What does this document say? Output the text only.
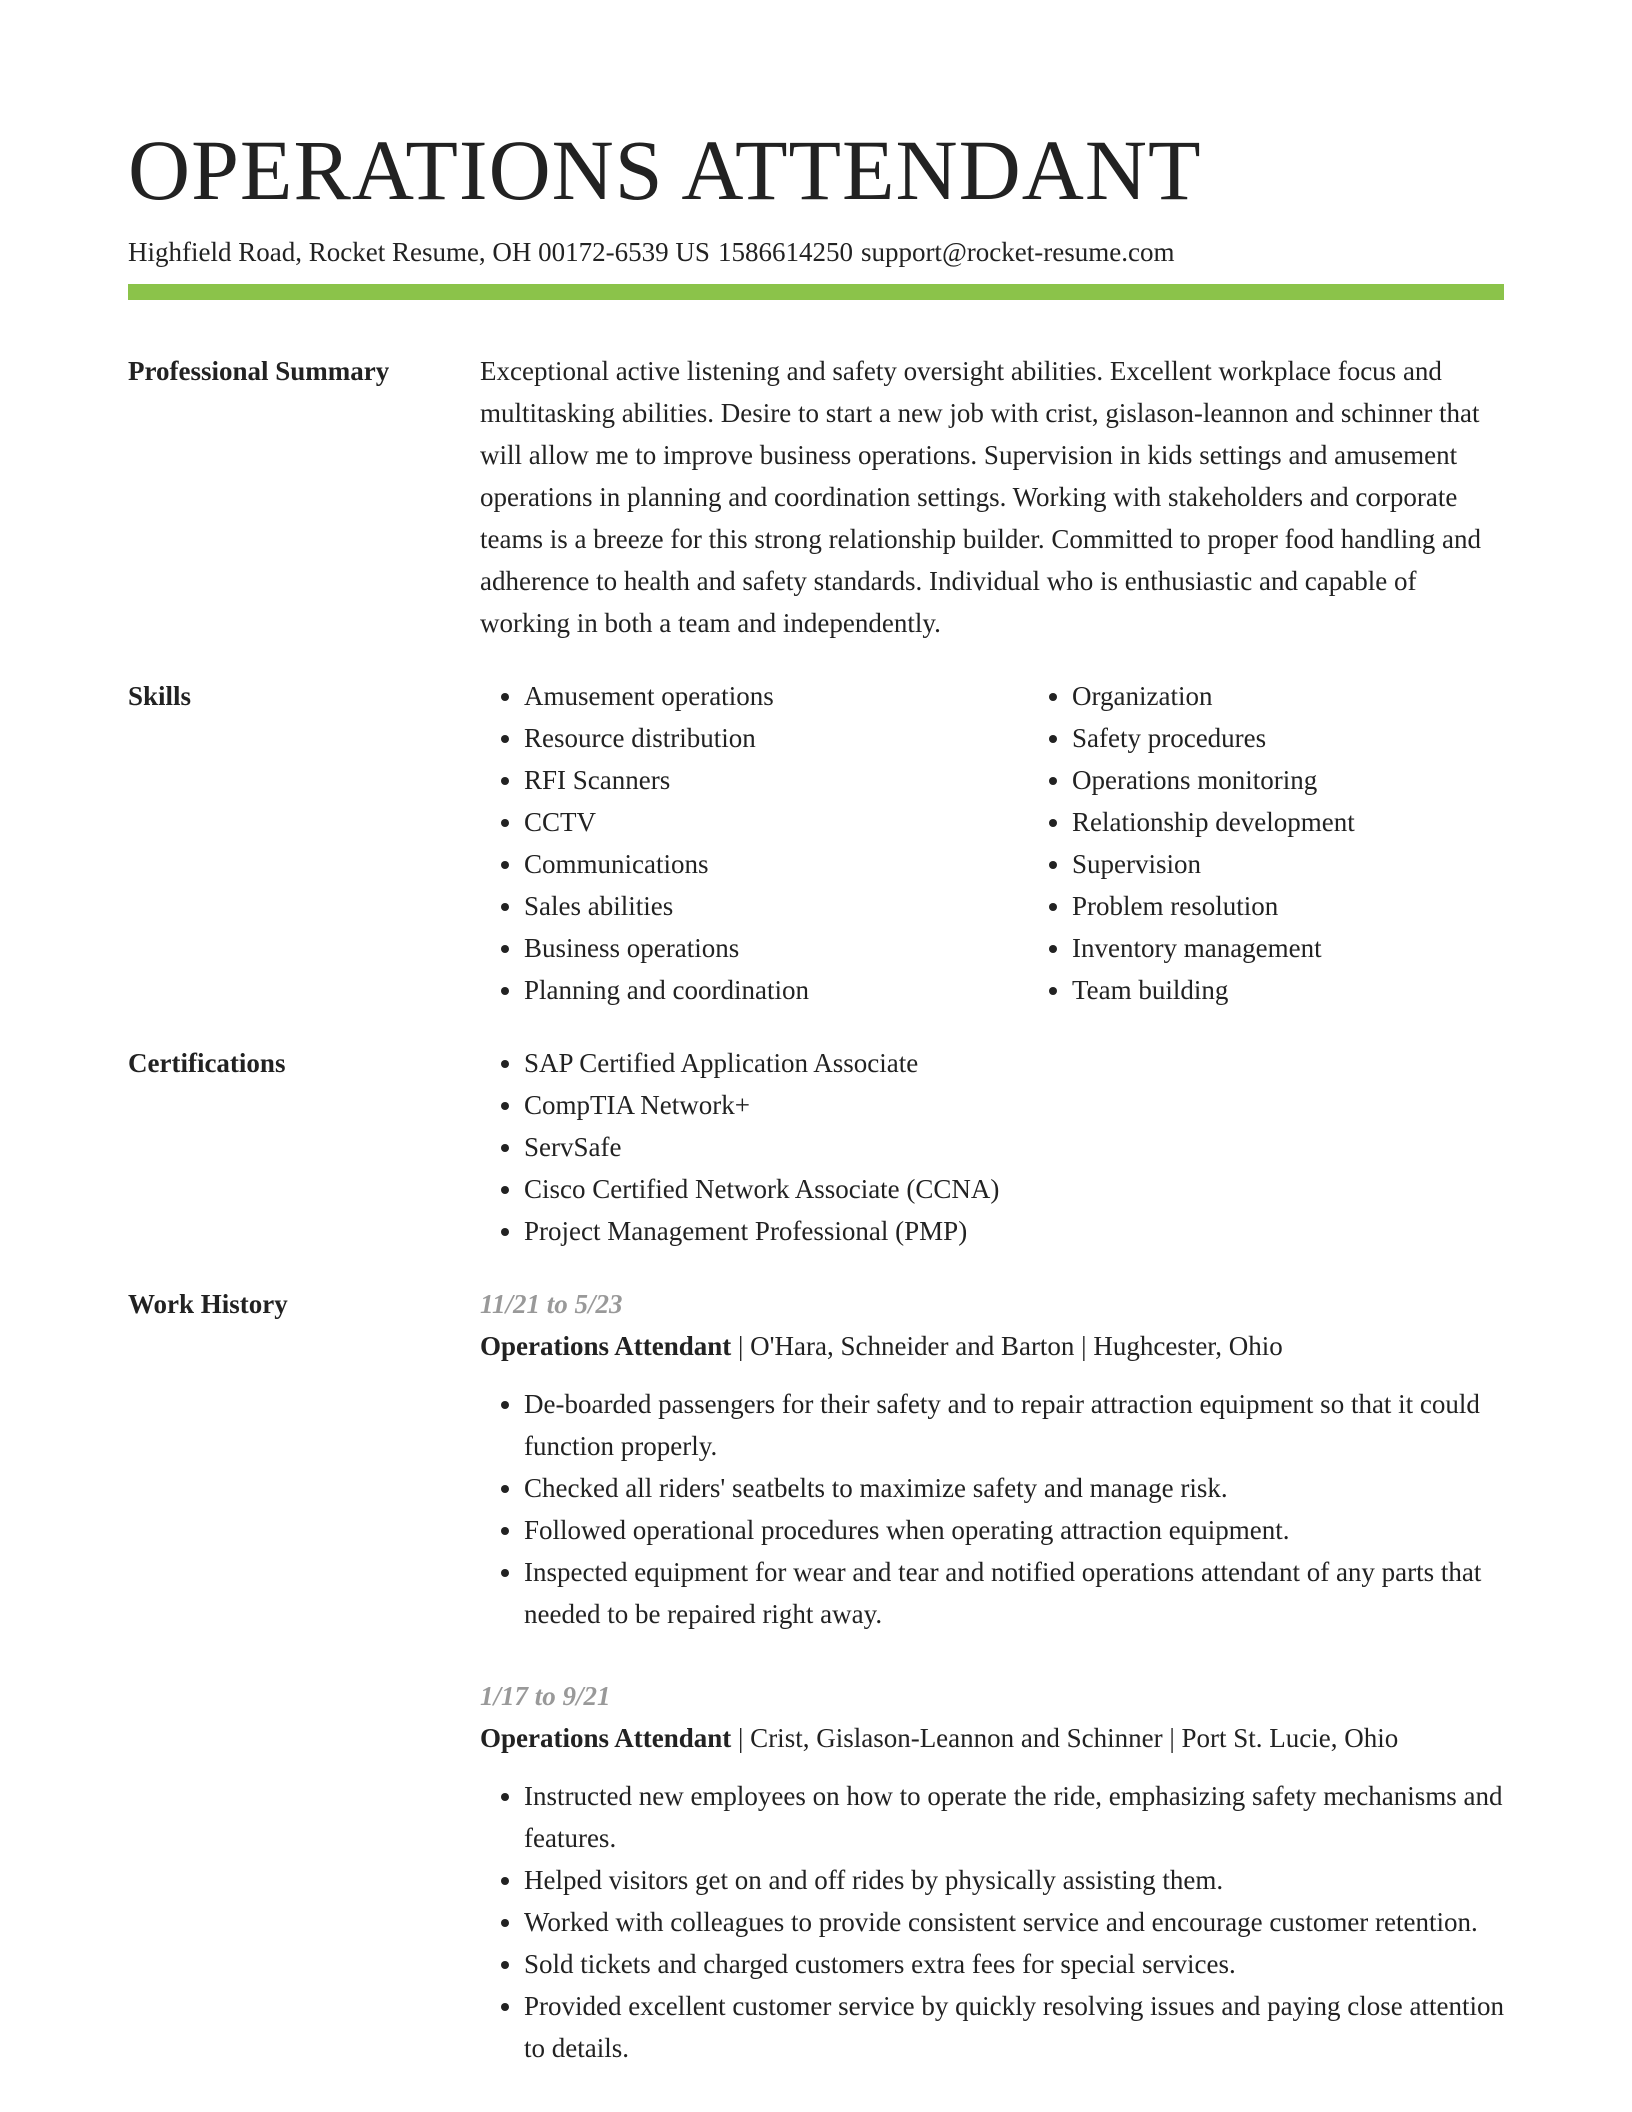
OPERATIONS ATTENDANT
Highfield Road, Rocket Resume, OH 00172-6539 US 1586614250 support@rocket-resume.com
Professional Summary	Exceptional active listening and safety oversight abilities. Excellent workplace focus and multitasking abilities. Desire to start a new job with crist, gislason-leannon and schinner that will allow me to improve business operations. Supervision in kids settings and amusement operations in planning and coordination settings. Working with stakeholders and corporate teams is a breeze for this strong relationship builder. Committed to proper food handling and adherence to health and safety standards. Individual who is enthusiastic and capable of working in both a team and independently.

Skills	• Amusement operations
• Resource distribution
• RFI Scanners
• CCTV
• Communications
• Sales abilities
• Business operations
• Planning and coordination
• Organization
• Safety procedures
• Operations monitoring
• Relationship development
• Supervision
• Problem resolution
• Inventory management
• Team building
Certifications	• SAP Certified Application Associate
• CompTIA Network+
• ServSafe
• Cisco Certified Network Associate (CCNA)
• Project Management Professional (PMP)
Work History	11/21 to 5/23
Operations Attendant | O'Hara, Schneider and Barton | Hughcester, Ohio
• De-boarded passengers for their safety and to repair attraction equipment so that it could function properly.
• Checked all riders' seatbelts to maximize safety and manage risk.
• Followed operational procedures when operating attraction equipment.
• Inspected equipment for wear and tear and notified operations attendant of any parts that needed to be repaired right away.
1/17 to 9/21
Operations Attendant | Crist, Gislason-Leannon and Schinner | Port St. Lucie, Ohio
• Instructed new employees on how to operate the ride, emphasizing safety mechanisms and features.
• Helped visitors get on and off rides by physically assisting them.
• Worked with colleagues to provide consistent service and encourage customer retention.
• Sold tickets and charged customers extra fees for special services.
• Provided excellent customer service by quickly resolving issues and paying close attention to details.
